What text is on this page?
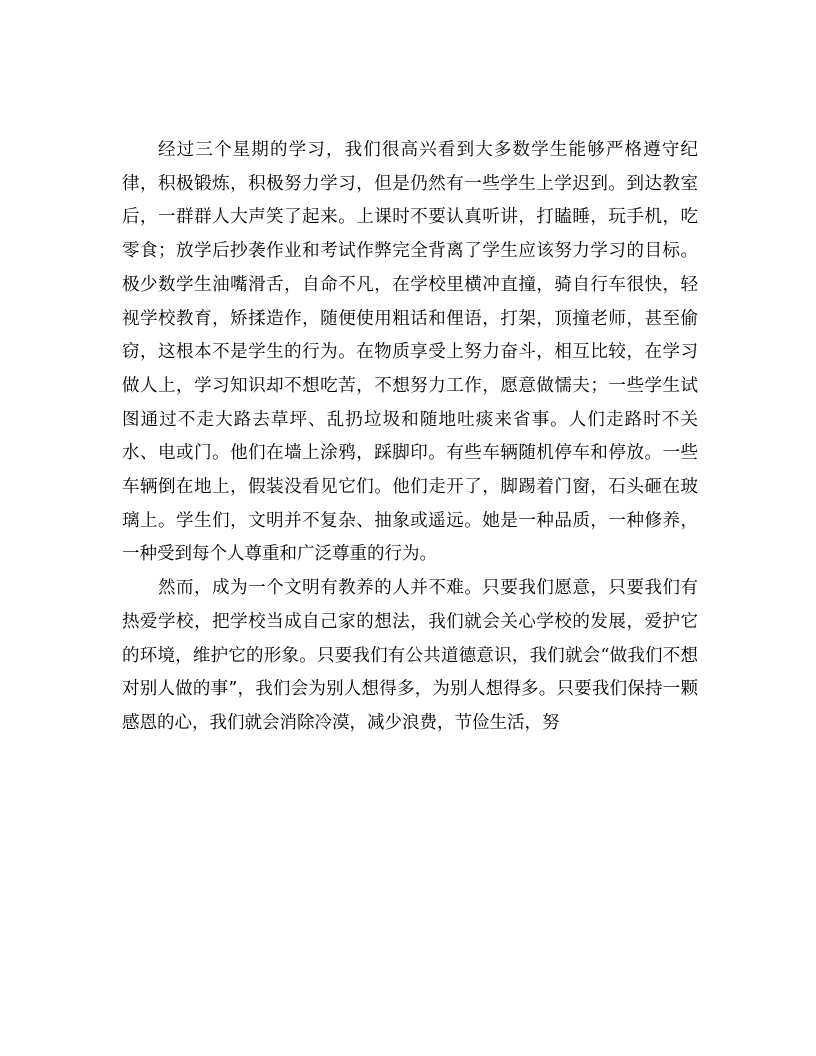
经过三个星期的学习，我们很高兴看到大多数学生能够严格遵守纪律，积极锻炼，积极努力学习，但是仍然有一些学生上学迟到。到达教室后，一群群人大声笑了起来。上课时不要认真听讲，打瞌睡，玩手机，吃零食；放学后抄袭作业和考试作弊完全背离了学生应该努力学习的目标。极少数学生油嘴滑舌，自命不凡，在学校里横冲直撞，骑自行车很快，轻视学校教育，矫揉造作，随便使用粗话和俚语，打架，顶撞老师，甚至偷窃，这根本不是学生的行为。在物质享受上努力奋斗，相互比较，在学习做人上，学习知识却不想吃苦，不想努力工作，愿意做懦夫；一些学生试图通过不走大路去草坪、乱扔垃圾和随地吐痰来省事。人们走路时不关水、电或门。他们在墙上涂鸦，踩脚印。有些车辆随机停车和停放。一些车辆倒在地上，假装没看见它们。他们走开了，脚踢着门窗，石头砸在玻璃上。学生们，文明并不复杂、抽象或遥远。她是一种品质，一种修养，一种受到每个人尊重和广泛尊重的行为。

然而，成为一个文明有教养的人并不难。只要我们愿意，只要我们有热爱学校，把学校当成自己家的想法，我们就会关心学校的发展，爱护它的环境，维护它的形象。只要我们有公共道德意识，我们就会“做我们不想对别人做的事”，我们会为别人想得多，为别人想得多。只要我们保持一颗感恩的心，我们就会消除冷漠，减少浪费，节俭生活，努
